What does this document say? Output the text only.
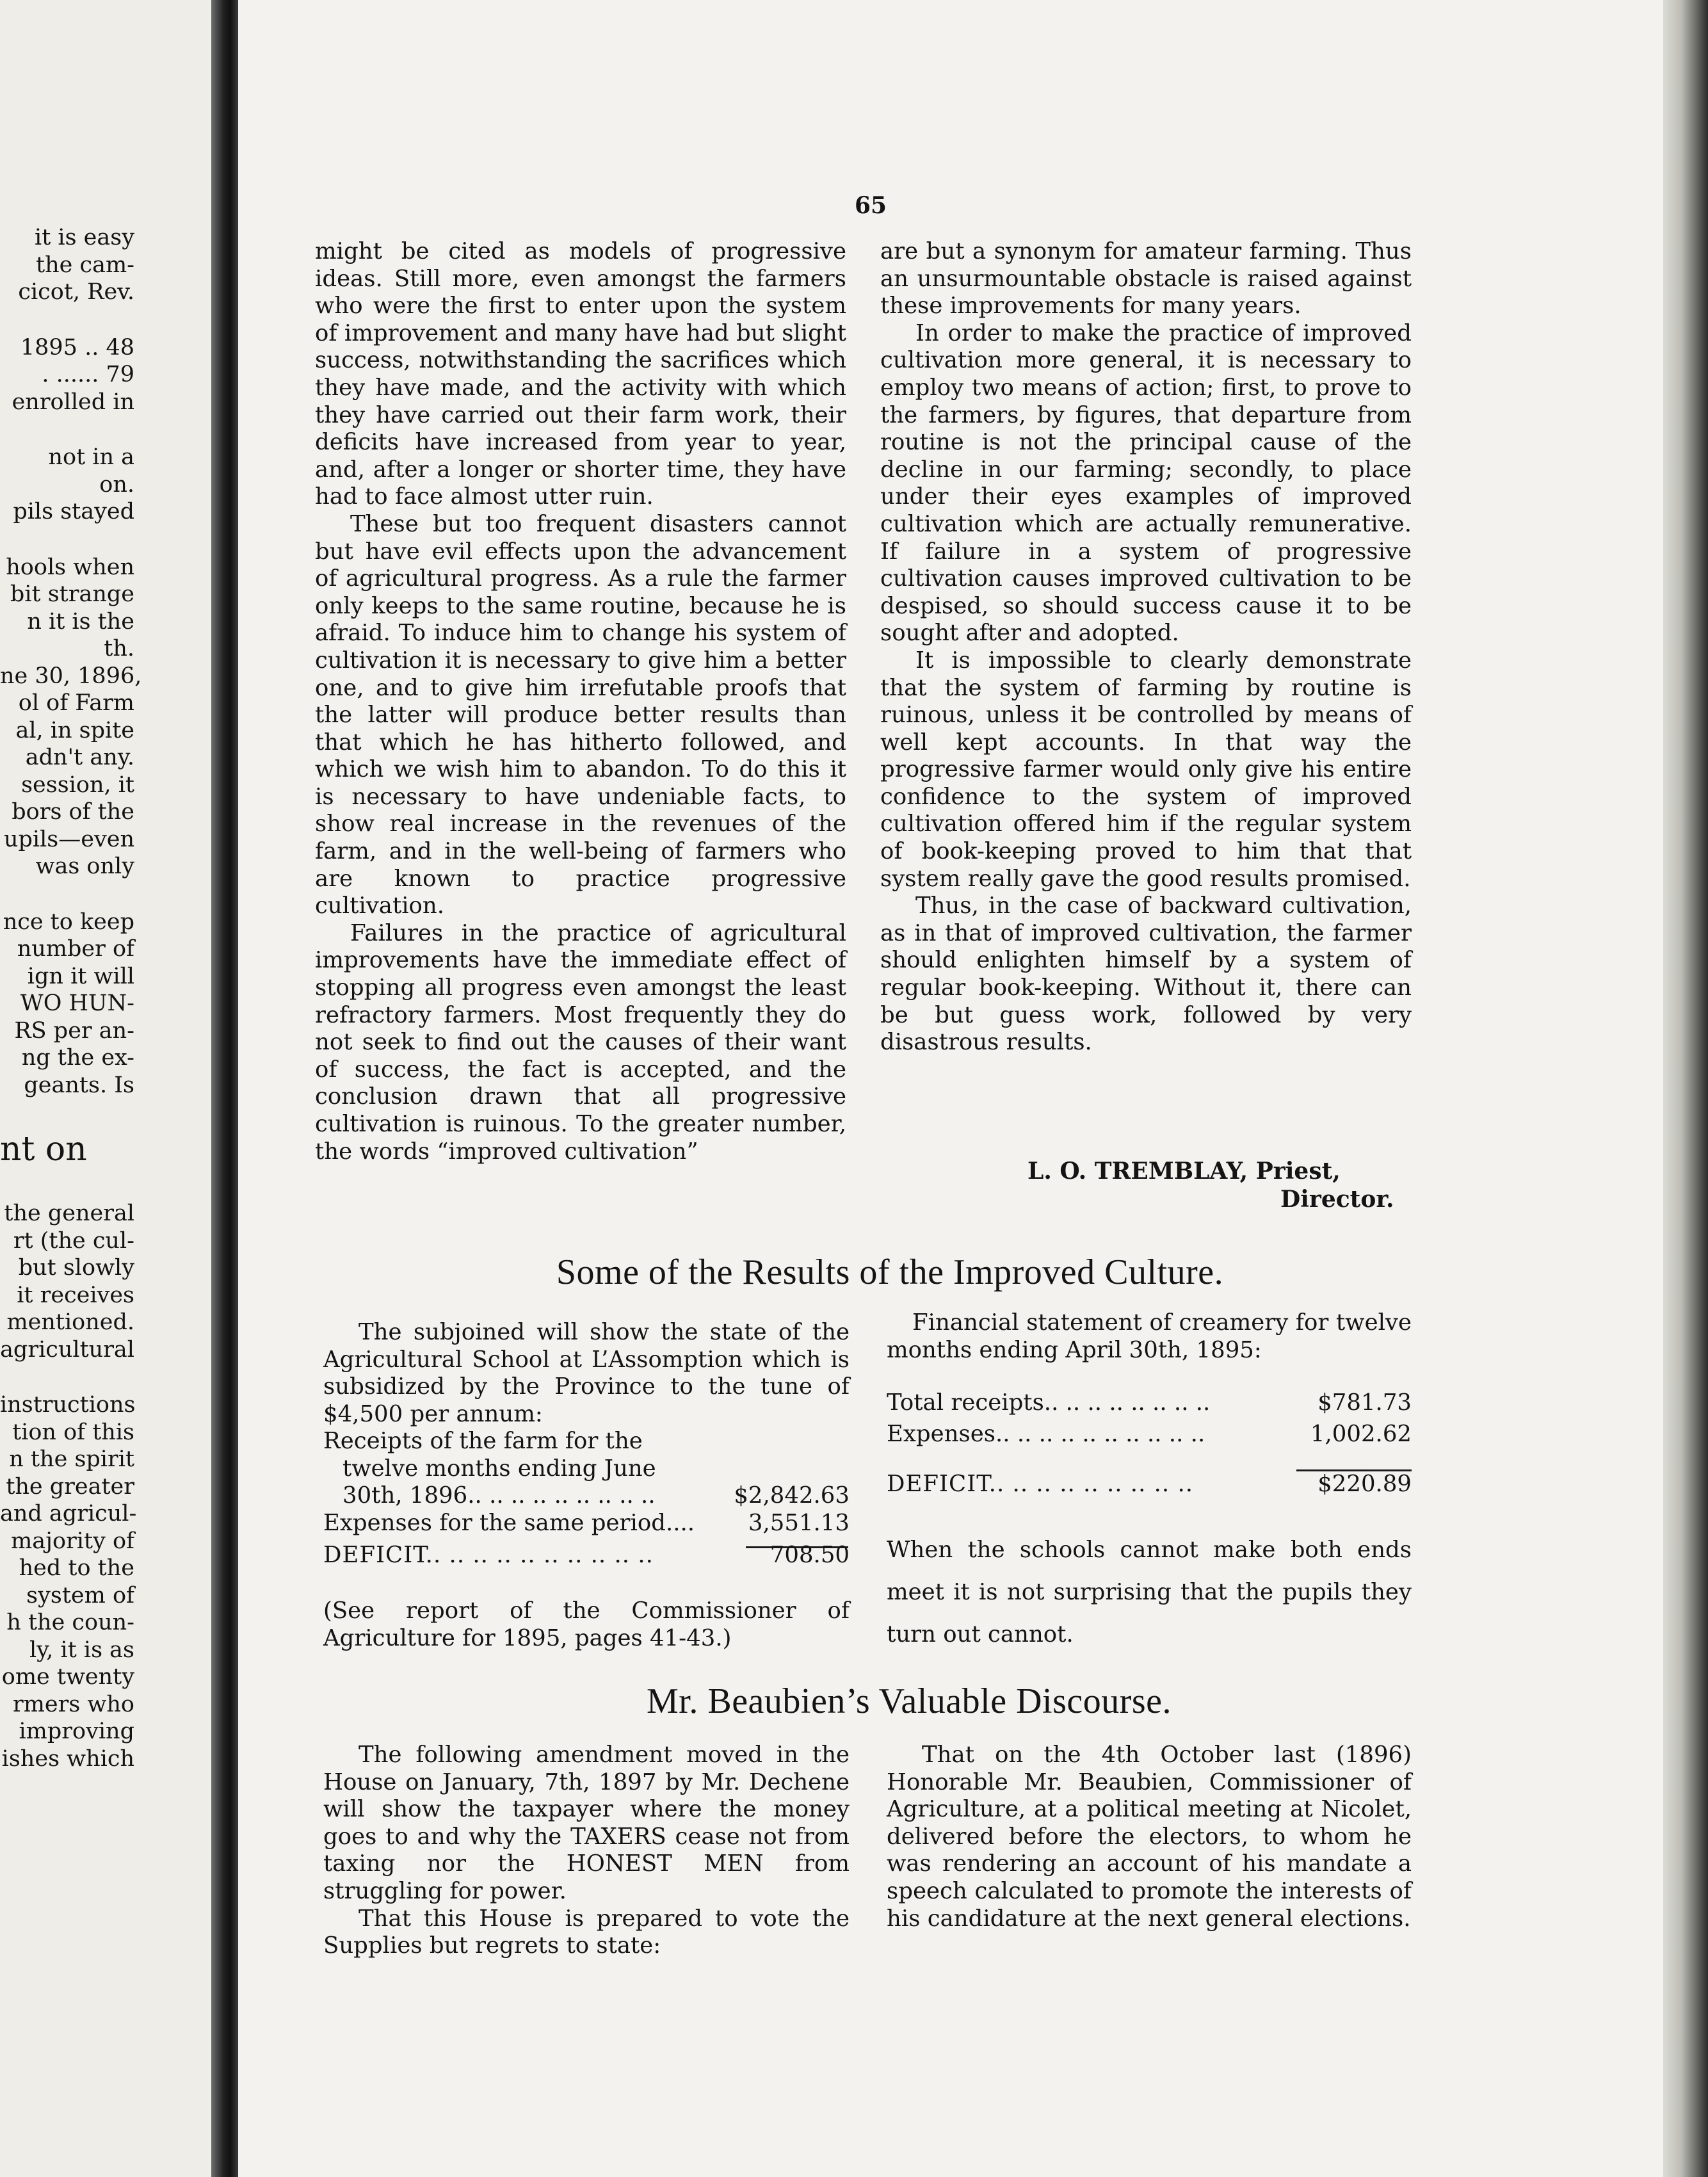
it is easy

the cam-

cicot, Rev.

1895 .. 48

. ...... 79

enrolled in

not in a

on.

pils stayed

hools when

bit strange

n it is the

th.

ne 30, 1896,

ol of Farm

al, in spite

adn't any.

session, it

bors of the

upils—even

was only

nce to keep

number of

ign it will

WO HUN-

RS per an-

ng the ex-

geants. Is

nt on

the general

rt (the cul-

but slowly

it receives

mentioned.

agricultural

instructions

tion of this

n the spirit

the greater

and agricul-

majority of

hed to the

system of

h the coun-

ly, it is as

ome twenty

rmers who

improving

ishes which

65

might be cited as models of progressive ideas. Still more, even amongst the farmers who were the first to enter upon the system of improvement and many have had but slight success, notwithstanding the sacrifices which they have made, and the activity with which they have carried out their farm work, their deficits have increased from year to year, and, after a longer or shorter time, they have had to face almost utter ruin.

These but too frequent disasters cannot but have evil effects upon the advancement of agricultural progress. As a rule the farmer only keeps to the same routine, because he is afraid. To induce him to change his system of cultivation it is necessary to give him a better one, and to give him irrefutable proofs that the latter will produce better results than that which he has hitherto followed, and which we wish him to abandon. To do this it is necessary to have undeniable facts, to show real increase in the revenues of the farm, and in the well-being of farmers who are known to practice progressive cultivation.

Failures in the practice of agricultural improvements have the immediate effect of stopping all progress even amongst the least refractory farmers. Most frequently they do not seek to find out the causes of their want of success, the fact is accepted, and the conclusion drawn that all progressive cultivation is ruinous. To the greater number, the words “improved cultivation”

are but a synonym for amateur farming. Thus an unsurmountable obstacle is raised against these improvements for many years.

In order to make the practice of improved cultivation more general, it is necessary to employ two means of action; first, to prove to the farmers, by figures, that departure from routine is not the principal cause of the decline in our farming; secondly, to place under their eyes examples of improved cultivation which are actually remunerative. If failure in a system of progressive cultivation causes improved cultivation to be despised, so should success cause it to be sought after and adopted.

It is impossible to clearly demonstrate that the system of farming by routine is ruinous, unless it be controlled by means of well kept accounts. In that way the progressive farmer would only give his entire confidence to the system of improved cultivation offered him if the regular system of book-keeping proved to him that that system really gave the good results promised.

Thus, in the case of backward cultivation, as in that of improved cultivation, the farmer should enlighten himself by a system of regular book-keeping. Without it, there can be but guess work, followed by very disastrous results.

L. O. TREMBLAY, Priest,
Director.
Some of the Results of the Improved Culture.

The subjoined will show the state of the Agricultural School at L’Assomption which is subsidized by the Province to the tune of $4,500 per annum:

Receipts of the farm for the
twelve months ending June
30th, 1896.. .. .. .. .. .. .. .. ..	$2,842.63
Expenses for the same period.... 3,551.13
DEFICIT.. .. .. .. .. .. .. .. .. ..	708.50
(See report of the Commissioner of Agriculture for 1895, pages 41-43.)
Financial statement of creamery for twelve months ending April 30th, 1895:
Total receipts.. .. .. .. .. .. .. ..	$781.73
Expenses.. .. .. .. .. .. .. .. .. ..	1,002.62
DEFICIT.. .. .. .. .. .. .. .. ..	$220.89
When the schools cannot make both ends meet it is not surprising that the pupils they turn out cannot.
Mr. Beaubien’s Valuable Discourse.

The following amendment moved in the House on January, 7th, 1897 by Mr. Dechene will show the taxpayer where the money goes to and why the TAXERS cease not from taxing nor the HONEST MEN from struggling for power.

That this House is prepared to vote the Supplies but regrets to state:

That on the 4th October last (1896) Honorable Mr. Beaubien, Commissioner of Agriculture, at a political meeting at Nicolet, delivered before the electors, to whom he was rendering an account of his mandate a speech calculated to promote the interests of his candidature at the next general elections.
